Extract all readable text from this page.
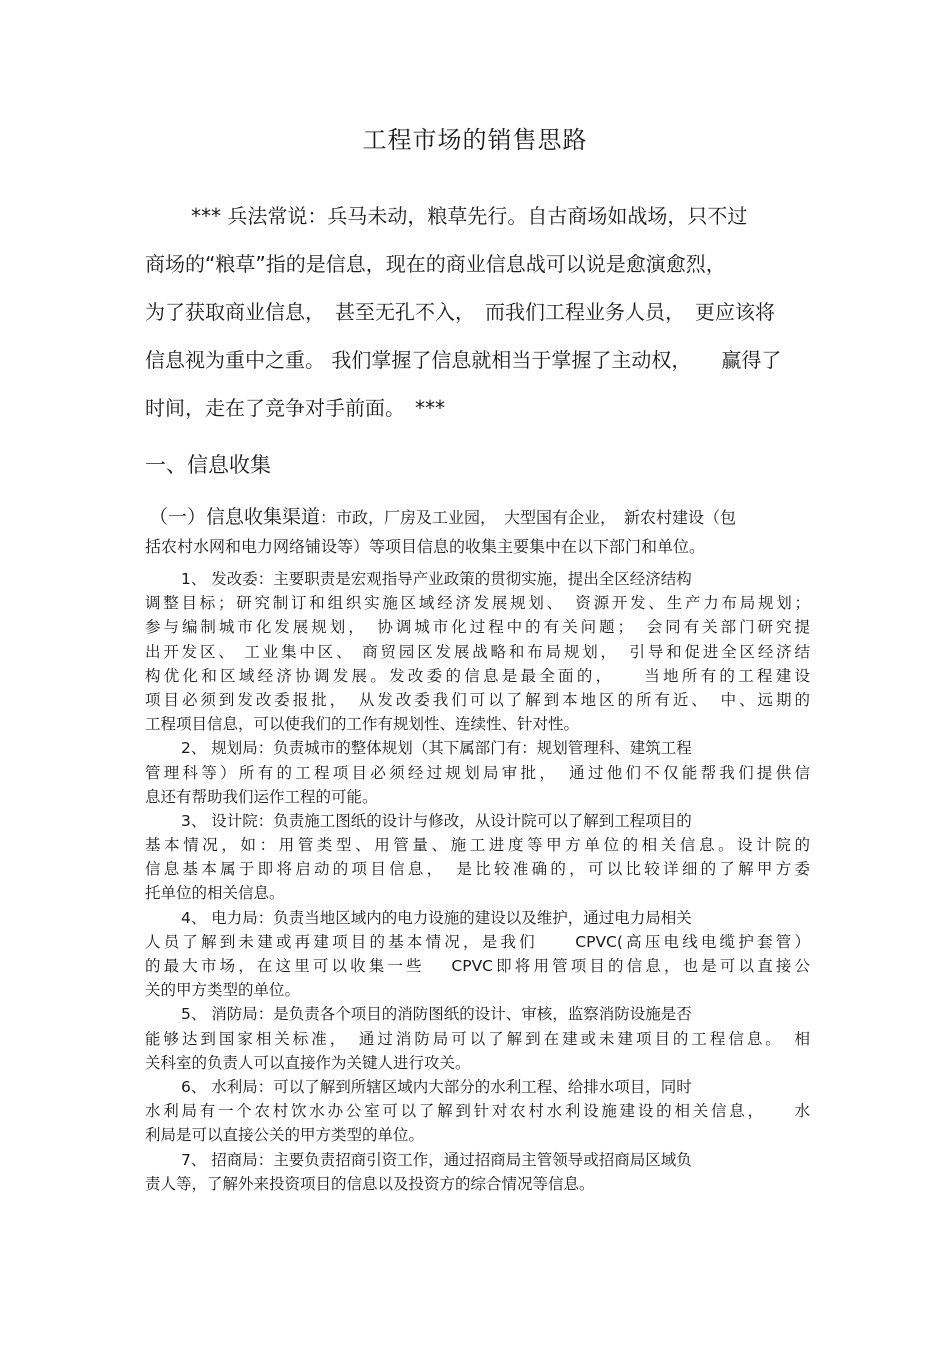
工程市场的销售思路
*** 兵法常说：兵马未动，粮草先行。自古商场如战场，只不过
商场的“粮草”指的是信息，现在的商业信息战可以说是愈演愈烈，
为了获取商业信息，　甚至无孔不入，　而我们工程业务人员，　更应该将
信息视为重中之重。 我们掌握了信息就相当于掌握了主动权，　　赢得了
时间，走在了竞争对手前面。　***
一、信息收集
（一）信息收集渠道：市政，厂房及工业园，　大型国有企业，　新农村建设（包
括农村水网和电力网络铺设等）等项目信息的收集主要集中在以下部门和单位。
1、 发改委：主要职责是宏观指导产业政策的贯彻实施，提出全区经济结构
调整目标；研究制订和组织实施区域经济发展规划、　资源开发、生产力布局规划；
参与编制城市化发展规划，　协调城市化过程中的有关问题；　会同有关部门研究提
出开发区、 工业集中区、 商贸园区发展战略和布局规划，　引导和促进全区经济结
构优化和区域经济协调发展。发改委的信息是最全面的，　　当地所有的工程建设
项目必须到发改委报批，　从发改委我们可以了解到本地区的所有近、　中、远期的
工程项目信息，可以使我们的工作有规划性、连续性、针对性。
2、 规划局：负责城市的整体规划（其下属部门有：规划管理科、建筑工程
管理科等）所有的工程项目必须经过规划局审批，　通过他们不仅能帮我们提供信
息还有帮助我们运作工程的可能。
3、 设计院：负责施工图纸的设计与修改，从设计院可以了解到工程项目的
基本情况，如：用管类型、用管量、施工进度等甲方单位的相关信息。设计院的
信息基本属于即将启动的项目信息，　是比较准确的，可以比较详细的了解甲方委
托单位的相关信息。
4、 电力局：负责当地区域内的电力设施的建设以及维护，通过电力局相关
人员了解到未建或再建项目的基本情况，是我们　　CPVC(高压电线电缆护套管）
的最大市场，在这里可以收集一些　 CPVC即将用管项目的信息，也是可以直接公
关的甲方类型的单位。
5、 消防局：是负责各个项目的消防图纸的设计、审核，监察消防设施是否
能够达到国家相关标准，　通过消防局可以了解到在建或未建项目的工程信息。　相
关科室的负责人可以直接作为关键人进行攻关。
6、 水利局：可以了解到所辖区域内大部分的水利工程、给排水项目，同时
水利局有一个农村饮水办公室可以了解到针对农村水利设施建设的相关信息，　　水
利局是可以直接公关的甲方类型的单位。
7、 招商局：主要负责招商引资工作，通过招商局主管领导或招商局区域负
责人等，了解外来投资项目的信息以及投资方的综合情况等信息。
